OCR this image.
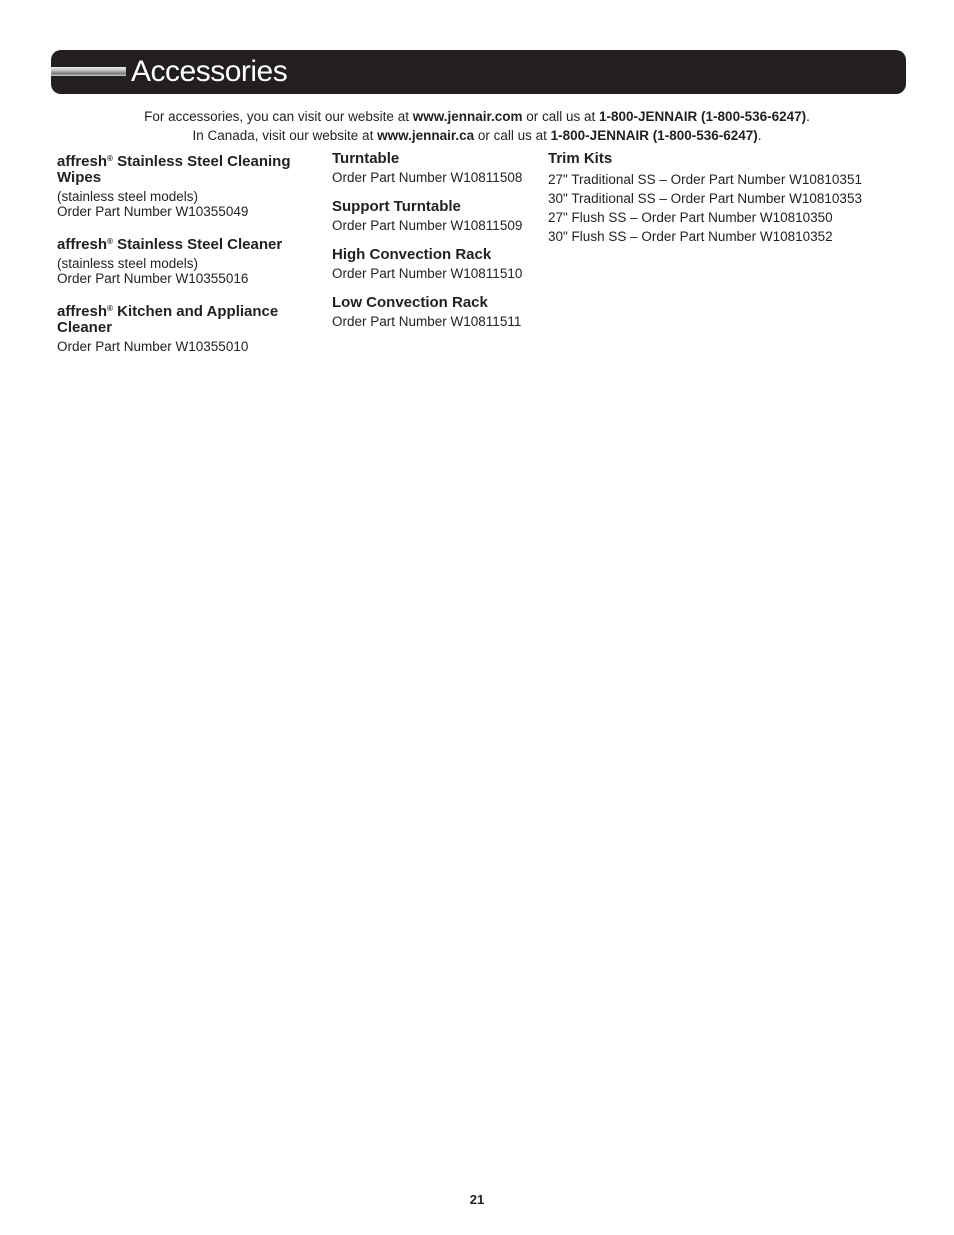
Accessories
For accessories, you can visit our website at www.jennair.com or call us at 1-800-JENNAIR (1-800-536-6247).
In Canada, visit our website at www.jennair.ca or call us at 1-800-JENNAIR (1-800-536-6247).

affresh® Stainless Steel Cleaning Wipes

(stainless steel models)

Order Part Number W10355049

affresh® Stainless Steel Cleaner

(stainless steel models)

Order Part Number W10355016

affresh® Kitchen and Appliance Cleaner

Order Part Number W10355010

Turntable

Order Part Number W10811508

Support Turntable

Order Part Number W10811509

High Convection Rack

Order Part Number W10811510

Low Convection Rack

Order Part Number W10811511

Trim Kits

27" Traditional SS – Order Part Number W10810351

30" Traditional SS – Order Part Number W10810353

27" Flush SS – Order Part Number W10810350

30" Flush SS – Order Part Number W10810352

21
